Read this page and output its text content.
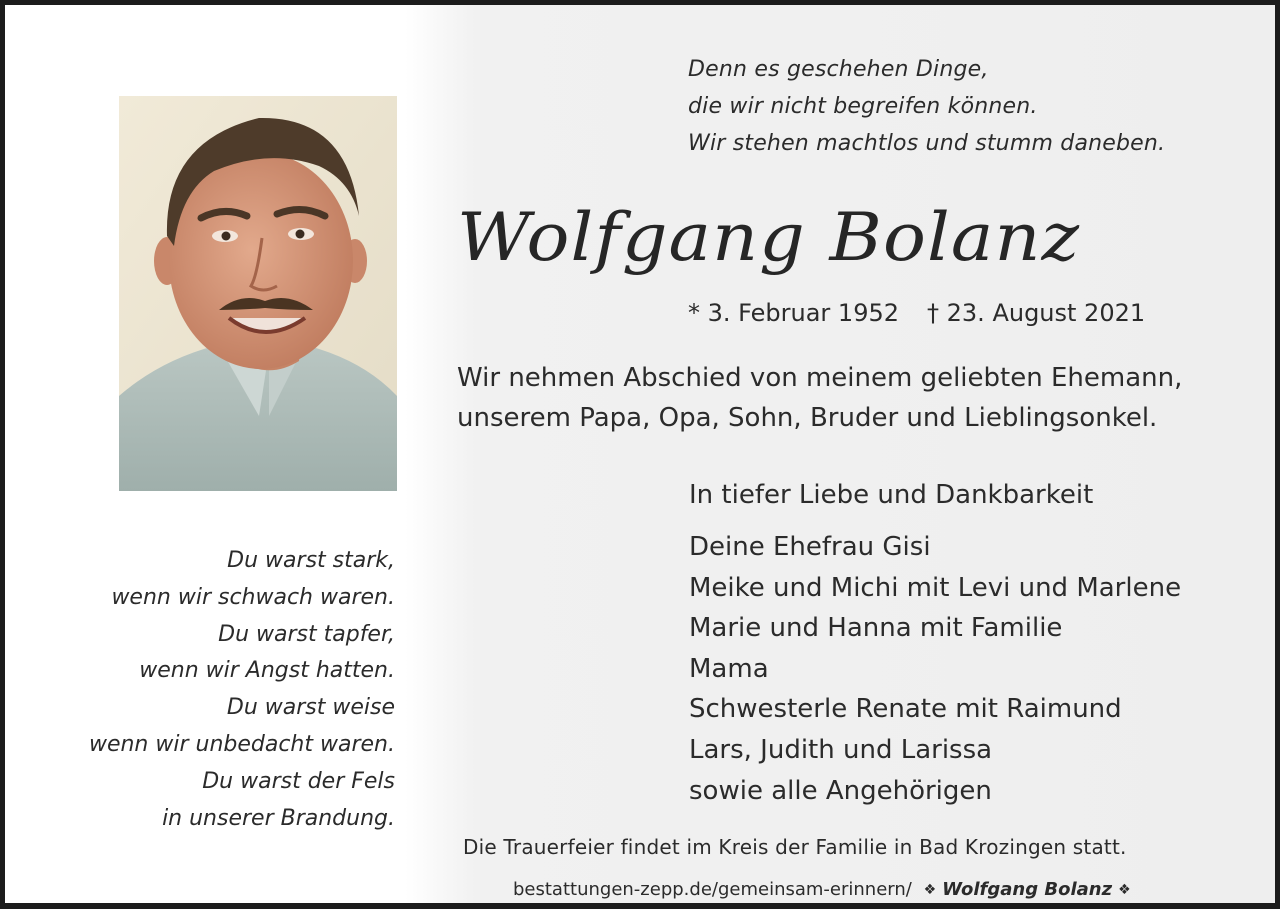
Denn es geschehen Dinge,
die wir nicht begreifen können.
Wir stehen machtlos und stumm daneben.
Wolfgang Bolanz
* 3. Februar 1952 † 23. August 2021
Wir nehmen Abschied von meinem geliebten Ehemann,
unserem Papa, Opa, Sohn, Bruder und Lieblingsonkel.
In tiefer Liebe und Dankbarkeit
Deine Ehefrau Gisi
Meike und Michi mit Levi und Marlene
Marie und Hanna mit Familie
Mama
Schwesterle Renate mit Raimund
Lars, Judith und Larissa
sowie alle Angehörigen
Du warst stark,
wenn wir schwach waren.
Du warst tapfer,
wenn wir Angst hatten.
Du warst weise
wenn wir unbedacht waren.
Du warst der Fels
in unserer Brandung.
Die Trauerfeier findet im Kreis der Familie in Bad Krozingen statt.
bestattungen-zepp.de/gemeinsam-erinnern/ ❖ Wolfgang Bolanz ❖
